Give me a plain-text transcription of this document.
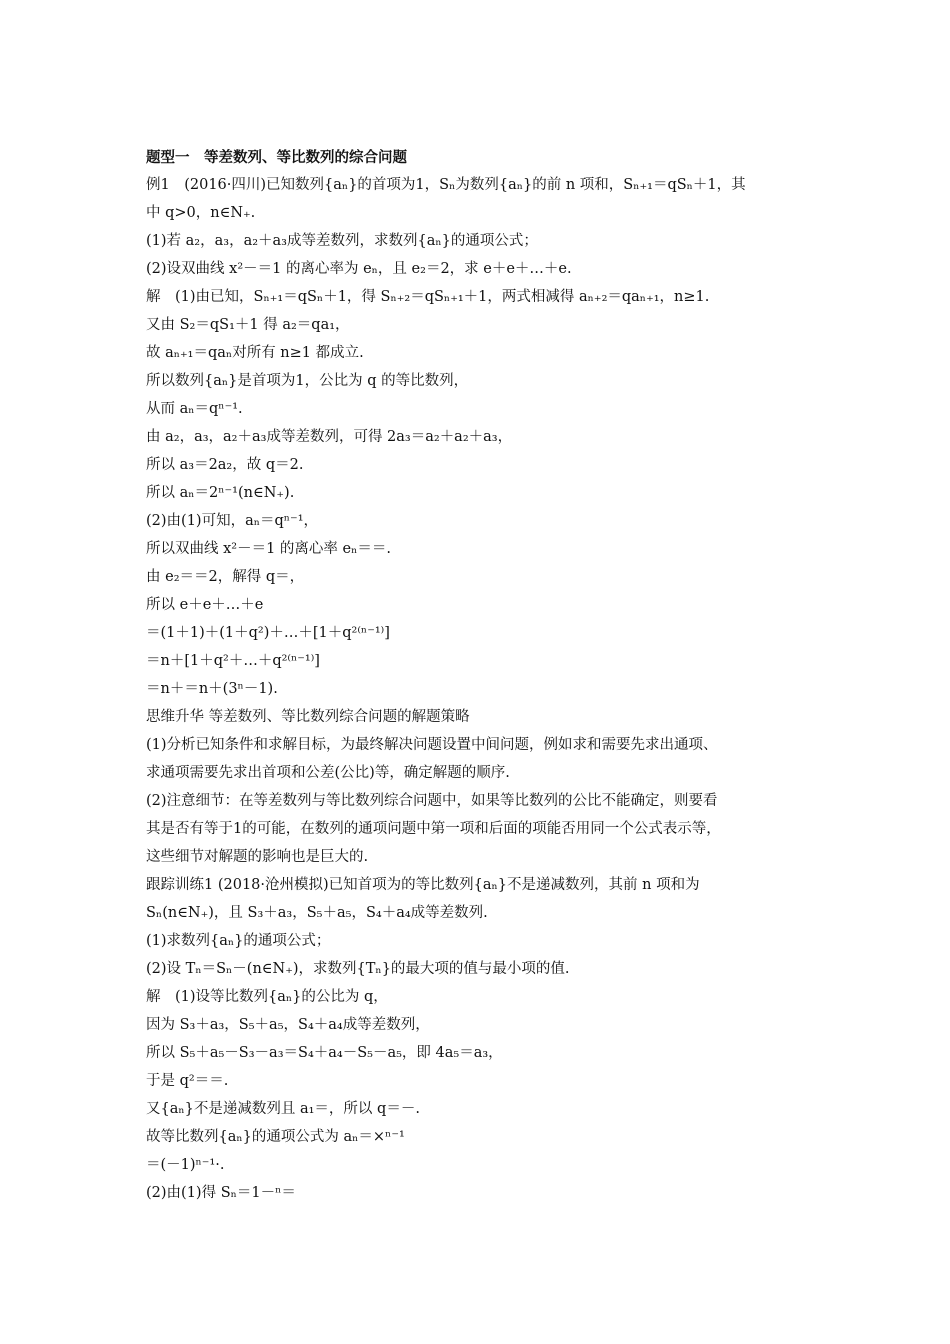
题型一　等差数列、等比数列的综合问题

例1　(2016·四川)已知数列{aₙ}的首项为1，Sₙ为数列{aₙ}的前 n 项和，Sₙ₊₁＝qSₙ＋1，其

中 q>0，n∈N₊.

(1)若 a₂，a₃，a₂＋a₃成等差数列，求数列{aₙ}的通项公式；

(2)设双曲线 x²－＝1 的离心率为 eₙ，且 e₂＝2，求 e＋e＋…＋e.

解　(1)由已知，Sₙ₊₁＝qSₙ＋1，得 Sₙ₊₂＝qSₙ₊₁＋1，两式相减得 aₙ₊₂＝qaₙ₊₁，n≥1.

又由 S₂＝qS₁＋1 得 a₂＝qa₁，

故 aₙ₊₁＝qaₙ对所有 n≥1 都成立.

所以数列{aₙ}是首项为1，公比为 q 的等比数列，

从而 aₙ＝qⁿ⁻¹.

由 a₂，a₃，a₂＋a₃成等差数列，可得 2a₃＝a₂＋a₂＋a₃，

所以 a₃＝2a₂，故 q＝2.

所以 aₙ＝2ⁿ⁻¹(n∈N₊).

(2)由(1)可知，aₙ＝qⁿ⁻¹，

所以双曲线 x²－＝1 的离心率 eₙ＝＝.

由 e₂＝＝2，解得 q＝，

所以 e＋e＋…＋e

＝(1＋1)＋(1＋q²)＋…＋[1＋q²⁽ⁿ⁻¹⁾]

＝n＋[1＋q²＋…＋q²⁽ⁿ⁻¹⁾]

＝n＋＝n＋(3ⁿ－1).

思维升华 等差数列、等比数列综合问题的解题策略

(1)分析已知条件和求解目标，为最终解决问题设置中间问题，例如求和需要先求出通项、

求通项需要先求出首项和公差(公比)等，确定解题的顺序.

(2)注意细节：在等差数列与等比数列综合问题中，如果等比数列的公比不能确定，则要看

其是否有等于1的可能，在数列的通项问题中第一项和后面的项能否用同一个公式表示等，

这些细节对解题的影响也是巨大的.

跟踪训练1 (2018·沧州模拟)已知首项为的等比数列{aₙ}不是递减数列，其前 n 项和为

Sₙ(n∈N₊)，且 S₃＋a₃，S₅＋a₅，S₄＋a₄成等差数列.

(1)求数列{aₙ}的通项公式；

(2)设 Tₙ＝Sₙ－(n∈N₊)，求数列{Tₙ}的最大项的值与最小项的值.

解　(1)设等比数列{aₙ}的公比为 q，

因为 S₃＋a₃，S₅＋a₅，S₄＋a₄成等差数列，

所以 S₅＋a₅－S₃－a₃＝S₄＋a₄－S₅－a₅，即 4a₅＝a₃，

于是 q²＝＝.

又{aₙ}不是递减数列且 a₁＝，所以 q＝－.

故等比数列{aₙ}的通项公式为 aₙ＝×ⁿ⁻¹

＝(－1)ⁿ⁻¹·.

(2)由(1)得 Sₙ＝1－ⁿ＝
